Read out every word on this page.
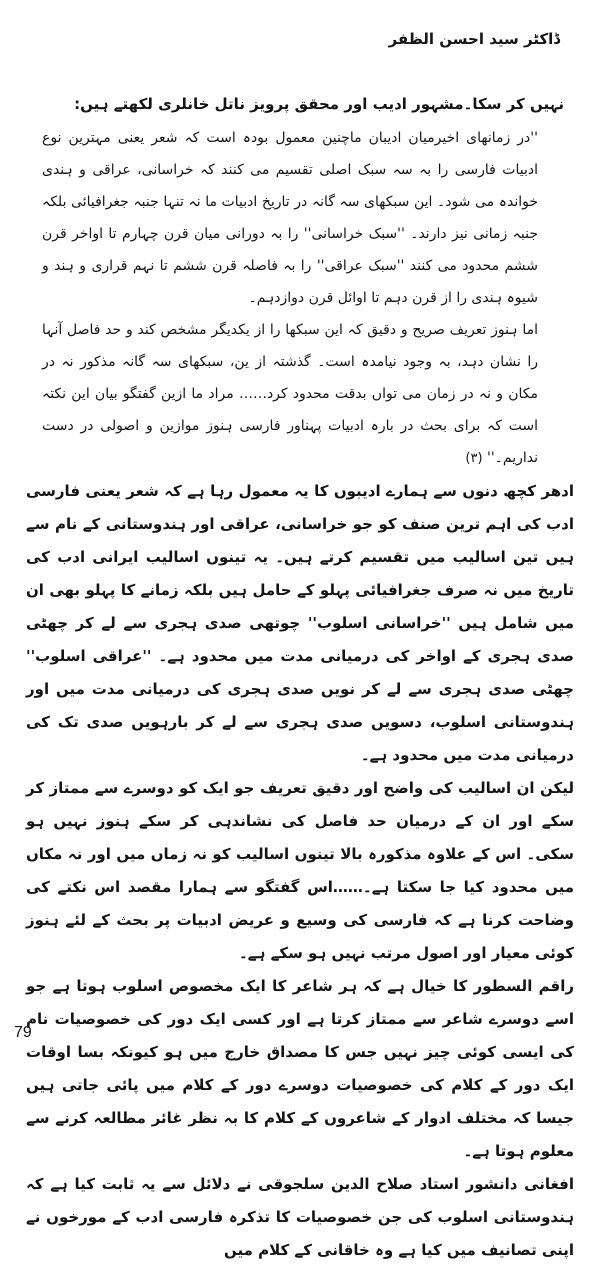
ڈاکٹر سید احسن الظفر

نہیں کر سکا۔مشہور ادیب اور محقق پرویز ناتل خانلری لکھتے ہیں:

''در زمانھای اخیرمیان ادیبان ماچنین معمول بودہ است کہ شعر یعنی مہترین نوع ادبیات فارسی را بہ سہ سبک اصلی تقسیم می کنند کہ خراسانی، عراقی و ہندی خواندہ می شود۔ این سبکھای سہ گانہ در تاریخ ادبیات ما نہ تنہا جنبہ جغرافیائی بلکہ جنبہ زمانی نیز دارند۔ ''سبک خراسانی'' را بہ دورانی میان قرن چہارم تا اواخر قرن ششم محدود می کنند ''سبک عراقی'' را بہ فاصلہ قرن ششم تا نہم قراری و ہند و شیوہ ہندی را از قرن دہم تا اوائل قرن دوازدہم۔

اما ہنوز تعریف صریح و دقیق کہ این سبکھا را از یکدیگر مشخص کند و حد فاصل آنہا را نشان دہد، بہ وجود نیامدہ است۔ گذشتہ از ین، سبکھای سہ گانہ مذکور نہ در مکان و نہ در زمان می تواں بدقت محدود کرد…… مراد ما ازین گفتگو بیان این نکتہ است کہ برای بحث در بارہ ادبیات پہناور فارسی ہنوز موازین و اصولی در دست نداریم۔'' (۳)

ادھر کچھ دنوں سے ہمارے ادیبوں کا یہ معمول رہا ہے کہ شعر یعنی فارسی ادب کی اہم ترین صنف کو جو خراسانی، عراقی اور ہندوستانی کے نام سے ہیں تین اسالیب میں تقسیم کرتے ہیں۔ یہ تینوں اسالیب ایرانی ادب کی تاریخ میں نہ صرف جغرافیائی پہلو کے حامل ہیں بلکہ زمانے کا پہلو بھی ان میں شامل ہیں ''خراسانی اسلوب'' چوتھی صدی ہجری سے لے کر چھٹی صدی ہجری کے اواخر کی درمیانی مدت میں محدود ہے۔ ''عراقی اسلوب'' چھٹی صدی ہجری سے لے کر نویں صدی ہجری کی درمیانی مدت میں اور ہندوستانی اسلوب، دسویں صدی ہجری سے لے کر بارہویں صدی تک کی درمیانی مدت میں محدود ہے۔

لیکن ان اسالیب کی واضح اور دقیق تعریف جو ایک کو دوسرے سے ممتاز کر سکے اور ان کے درمیان حد فاصل کی نشاندہی کر سکے ہنوز نہیں ہو سکی۔ اس کے علاوہ مذکورہ بالا تینوں اسالیب کو نہ زماں میں اور نہ مکاں میں محدود کیا جا سکتا ہے۔……اس گفتگو سے ہمارا مقصد اس نکتے کی وضاحت کرنا ہے کہ فارسی کی وسیع و عریض ادبیات پر بحث کے لئے ہنوز کوئی معیار اور اصول مرتب نہیں ہو سکے ہے۔

راقم السطور کا خیال ہے کہ ہر شاعر کا ایک مخصوص اسلوب ہوتا ہے جو اسے دوسرے شاعر سے ممتاز کرتا ہے اور کسی ایک دور کی خصوصیات نام کی ایسی کوئی چیز نہیں جس کا مصداق خارج میں ہو کیونکہ بسا اوقات ایک دور کے کلام کی خصوصیات دوسرے دور کے کلام میں پائی جاتی ہیں جیسا کہ مختلف ادوار کے شاعروں کے کلام کا بہ نظر غائر مطالعہ کرنے سے معلوم ہوتا ہے۔

افغانی دانشور استاد صلاح الدین سلجوقی نے دلائل سے یہ ثابت کیا ہے کہ ہندوستانی اسلوب کی جن خصوصیات کا تذکرہ فارسی ادب کے مورخوں نے اپنی تصانیف میں کیا ہے وہ خاقانی کے کلام میں

79
